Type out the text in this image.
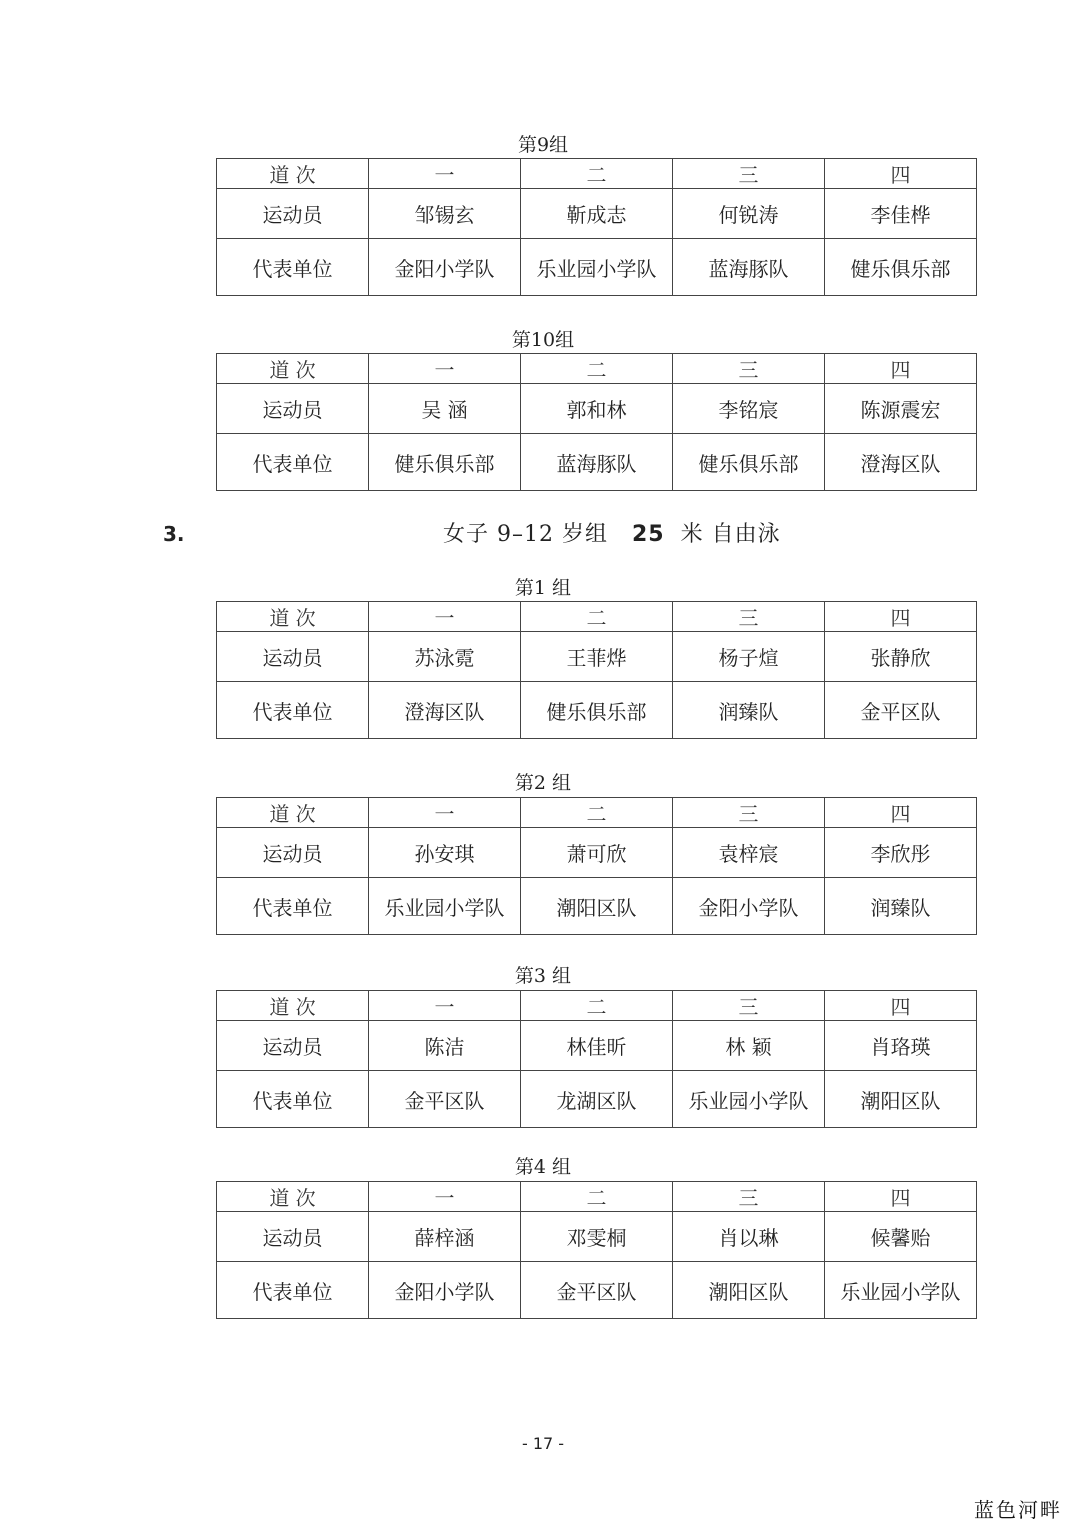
第9组
道 次	一	二	三	四
运动员	邹锡玄	靳成志	何锐涛	李佳桦
代表单位	金阳小学队	乐业园小学队	蓝海豚队	健乐俱乐部
第10组
道 次	一	二	三	四
运动员	吴 涵	郭和林	李铭宸	陈源震宏
代表单位	健乐俱乐部	蓝海豚队	健乐俱乐部	澄海区队
3.	女子 9–12 岁组 25 米 自由泳
第1 组
道 次	一	二	三	四
运动员	苏泳霓	王菲烨	杨子煊	张静欣
代表单位	澄海区队	健乐俱乐部	润臻队	金平区队
第2 组
道 次	一	二	三	四
运动员	孙安琪	萧可欣	袁梓宸	李欣彤
代表单位	乐业园小学队	潮阳区队	金阳小学队	润臻队
第3 组
道 次	一	二	三	四
运动员	陈洁	林佳昕	林 颖	肖珞瑛
代表单位	金平区队	龙湖区队	乐业园小学队	潮阳区队
第4 组
道 次	一	二	三	四
运动员	薛梓涵	邓雯桐	肖以琳	候馨贻
代表单位	金阳小学队	金平区队	潮阳区队	乐业园小学队
- 17 -
蓝色河畔
